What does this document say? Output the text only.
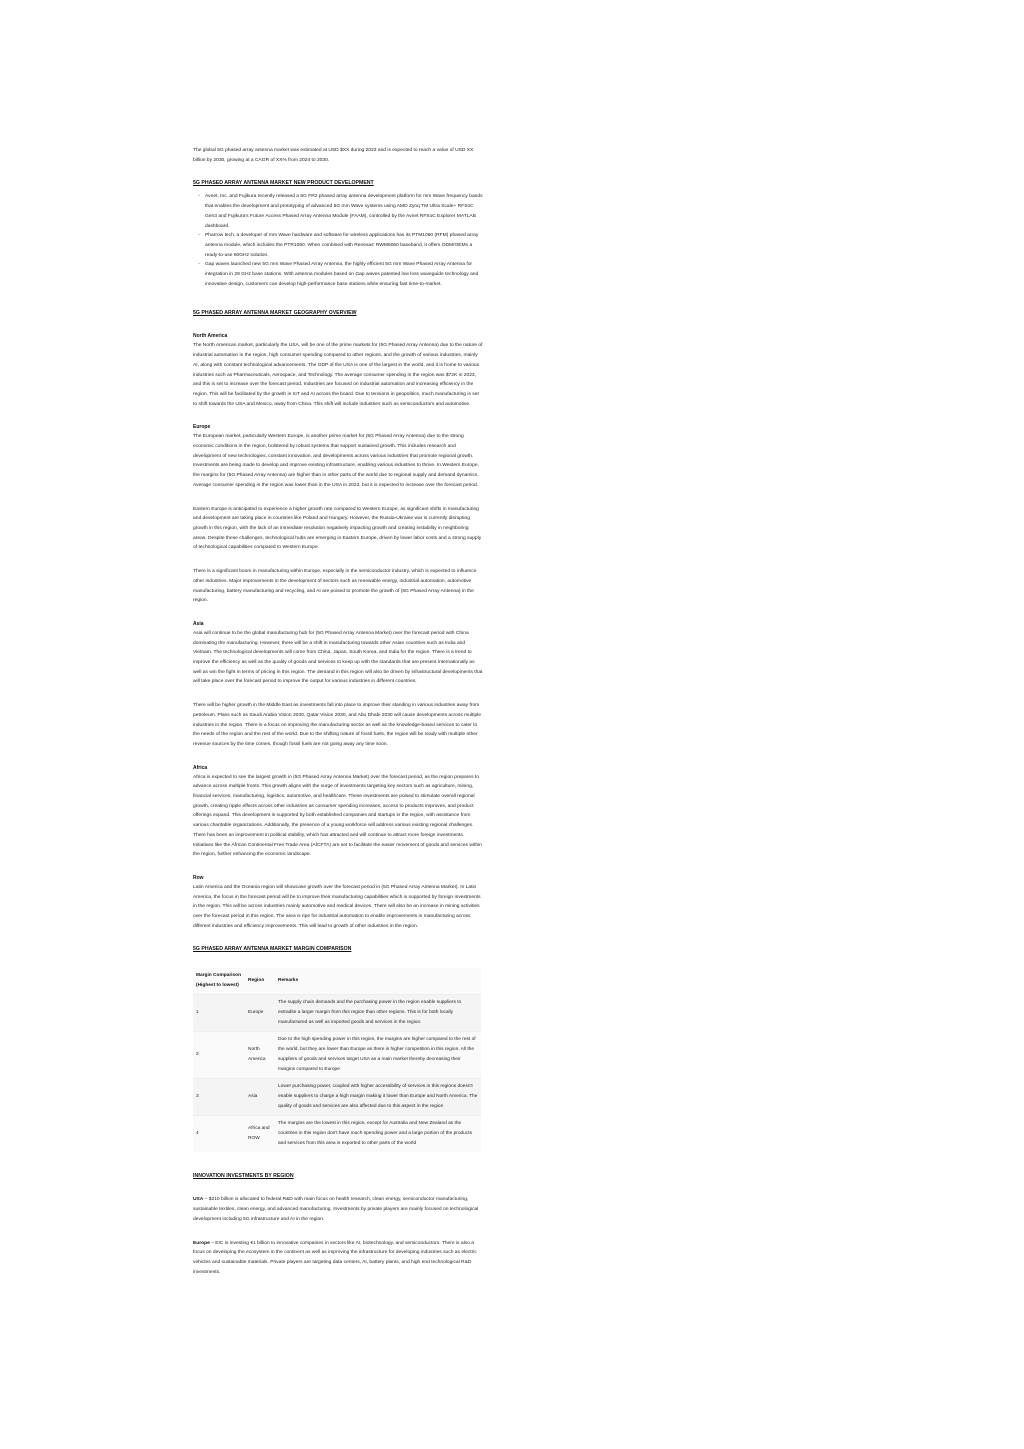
The global 5G phased array antenna market was estimated at USD $XX during 2023 and is expected to reach a value of USD XX billion by 2030, growing at a CAGR of XX% from 2024 to 2030.

5G PHASED ARRAY ANTENNA MARKET NEW PRODUCT DEVELOPMENT
◦ Avnet, Inc. and Fujikura recently released a 5G FR2 phased array antenna development platform for mm Wave frequency bands that enables the development and prototyping of advanced 5G mm Wave systems using AMD Zynq TM Ultra Scale+ RFSoC Gen3 and Fujikura's Future Access Phased Array Antenna Module (FAAM), controlled by the Avnet RFSoC Explorer MATLAB dashboard.
◦ Pharrow tech, a developer of mm Wave hardware and software for wireless applications has its PTM1060 (RFM) phased array antenna module, which includes the PTR1060. When combined with Renesas' RWM6050 baseband, it offers ODM/OEMs a ready-to-use 60GHz solution.
◦ Gap waves launched new 5G mm Wave Phased Array Antenna, the highly efficient 5G mm Wave Phased Array Antenna for integration in 28 GHz base stations. With antenna modules based on Gap waves patented low loss waveguide technology and innovative design, customers can develop high-performance base stations while ensuring fast time-to-market.
5G PHASED ARRAY ANTENNA MARKET GEOGRAPHY OVERVIEW
North America

The North American market, particularly the USA, will be one of the prime markets for (5G Phased Array Antenna) due to the nature of industrial automation in the region, high consumer spending compared to other regions, and the growth of various industries, mainly AI, along with constant technological advancements. The GDP of the USA is one of the largest in the world, and it is home to various industries such as Pharmaceuticals, Aerospace, and Technology. The average consumer spending in the region was $72K in 2023, and this is set to increase over the forecast period. Industries are focused on industrial automation and increasing efficiency in the region. This will be facilitated by the growth in IoT and AI across the board. Due to tensions in geopolitics, much manufacturing is set to shift towards the USA and Mexico, away from China. This shift will include industries such as semiconductors and automotive.

Europe

The European market, particularly Western Europe, is another prime market for (5G Phased Array Antenna) due to the strong economic conditions in the region, bolstered by robust systems that support sustained growth. This includes research and development of new technologies, constant innovation, and developments across various industries that promote regional growth. Investments are being made to develop and improve existing infrastructure, enabling various industries to thrive. In Western Europe, the margins for (5G Phased Array Antenna) are higher than in other parts of the world due to regional supply and demand dynamics. Average consumer spending in the region was lower than in the USA in 2023, but it is expected to increase over the forecast period.

Eastern Europe is anticipated to experience a higher growth rate compared to Western Europe, as significant shifts in manufacturing and development are taking place in countries like Poland and Hungary. However, the Russia-Ukraine war is currently disrupting growth in this region, with the lack of an immediate resolution negatively impacting growth and creating instability in neighboring areas. Despite these challenges, technological hubs are emerging in Eastern Europe, driven by lower labor costs and a strong supply of technological capabilities compared to Western Europe.

There is a significant boom in manufacturing within Europe, especially in the semiconductor industry, which is expected to influence other industries. Major improvements in the development of sectors such as renewable energy, industrial automation, automotive manufacturing, battery manufacturing and recycling, and AI are poised to promote the growth of (5G Phased Array Antenna) in the region.

Asia

Asia will continue to be the global manufacturing hub for (5G Phased Array Antenna Market) over the forecast period with China dominating the manufacturing. However, there will be a shift in manufacturing towards other Asian countries such as India and Vietnam. The technological developments will come from China, Japan, South Korea, and India for the region. There is a trend to improve the efficiency as well as the quality of goods and services to keep up with the standards that are present internationally as well as win the fight in terms of pricing in this region. The demand in this region will also be driven by infrastructural developments that will take place over the forecast period to improve the output for various industries in different countries.

There will be higher growth in the Middle East as investments fall into place to improve their standing in various industries away from petroleum. Plans such as Saudi Arabia Vision 2030, Qatar Vision 2030, and Abu Dhabi 2030 will cause developments across multiple industries in the region. There is a focus on improving the manufacturing sector as well as the knowledge-based services to cater to the needs of the region and the rest of the world. Due to the shifting nature of fossil fuels, the region will be ready with multiple other revenue sources by the time comes, though fossil fuels are not going away any time soon.

Africa

Africa is expected to see the largest growth in (5G Phased Array Antenna Market) over the forecast period, as the region prepares to advance across multiple fronts. This growth aligns with the surge of investments targeting key sectors such as agriculture, mining, financial services, manufacturing, logistics, automotive, and healthcare. These investments are poised to stimulate overall regional growth, creating ripple effects across other industries as consumer spending increases, access to products improves, and product offerings expand. This development is supported by both established companies and startups in the region, with assistance from various charitable organizations. Additionally, the presence of a young workforce will address various existing regional challenges. There has been an improvement in political stability, which has attracted and will continue to attract more foreign investments. Initiatives like the African Continental Free Trade Area (AfCFTA) are set to facilitate the easier movement of goods and services within the region, further enhancing the economic landscape.

Row

Latin America and the Oceania region will showcase growth over the forecast period in (5G Phased Array Antenna Market). In Latin America, the focus in the forecast period will be to improve their manufacturing capabilities which is supported by foreign investments in the region. This will be across industries mainly automotive and medical devices. There will also be an increase in mining activities over the forecast period in this region. The area is ripe for industrial automation to enable improvements in manufacturing across different industries and efficiency improvements. This will lead to growth of other industries in the region.

5G PHASED ARRAY ANTENNA MARKET MARGIN COMPARISON
Margin Comparison (Highest to lowest)	Region	Remarks
1	Europe	The supply chain demands and the purchasing power in the region enable suppliers to extradite a larger margin from this region than other regions. This is for both locally manufactured as well as imported goods and services in the region.
2	North America	Due to the high spending power in this region, the margins are higher compared to the rest of the world, but they are lower than Europe as there is higher competition in this region. All the suppliers of goods and services target USA as a main market thereby decreasing their margins compared to Europe
3	Asia	Lower purchasing power, coupled with higher accessibility of services in this regions doesn't enable suppliers to charge a high margin making it lower than Europe and North America. The quality of goods and services are also affected due to this aspect in the region
4	Africa and ROW	The margins are the lowest in this region, except for Australia and New Zealand as the countries in this region don't have much spending power and a large portion of the products and services from this area is exported to other parts of the world
INNOVATION INVESTMENTS BY REGION

USA – $210 billion is allocated to federal R&D with main focus on health research, clean energy, semiconductor manufacturing, sustainable textiles, clean energy, and advanced manufacturing. Investments by private players are mainly focused on technological development including 5G infrastructure and AI in the region.

Europe – EIC is investing €1 billion to innovative companies in sectors like AI, biotechnology, and semiconductors. There is also a focus on developing the ecosystem in the continent as well as improving the infrastructure for developing industries such as electric vehicles and sustainable materials. Private players are targeting data centers, AI, battery plants, and high end technological R&D investments.
